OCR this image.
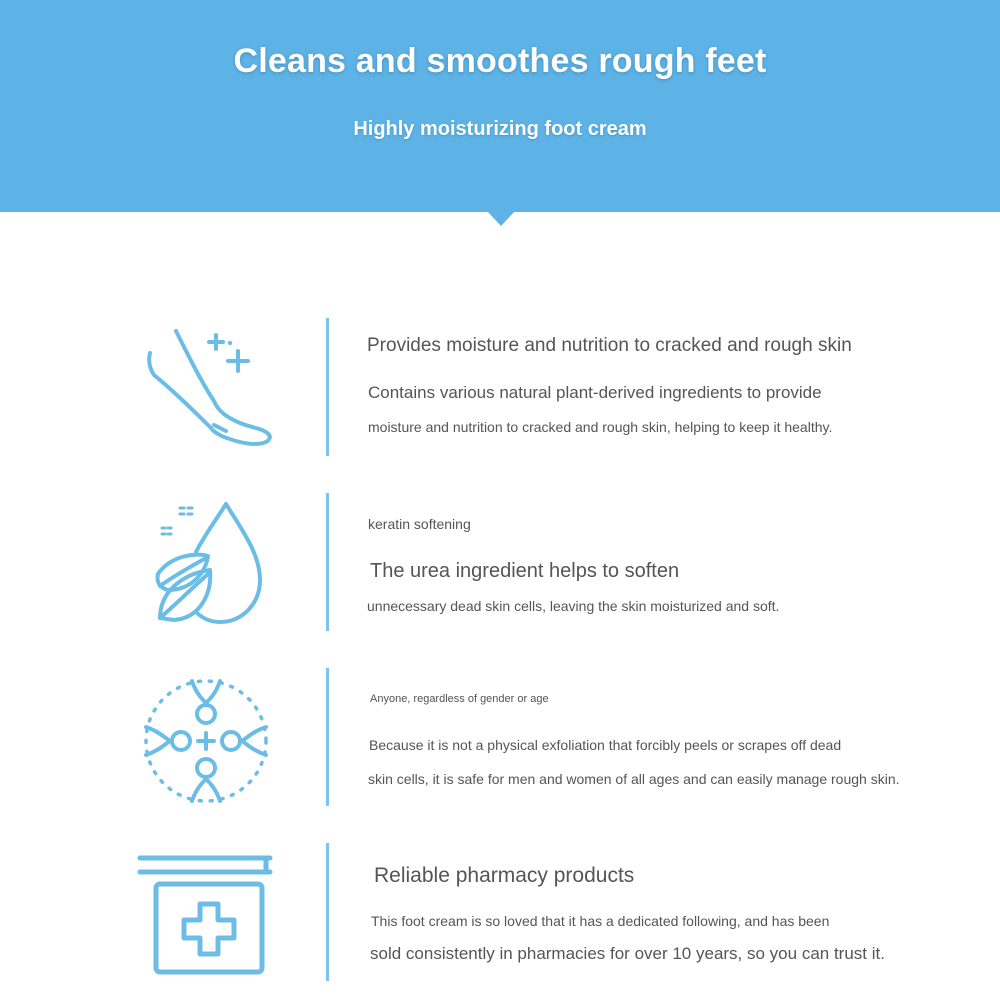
Cleans and smoothes rough feet
Highly moisturizing foot cream
Provides moisture and nutrition to cracked and rough skin
Contains various natural plant-derived ingredients to provide
moisture and nutrition to cracked and rough skin, helping to keep it healthy.
keratin softening
The urea ingredient helps to soften
unnecessary dead skin cells, leaving the skin moisturized and soft.
Anyone, regardless of gender or age
Because it is not a physical exfoliation that forcibly peels or scrapes off dead
skin cells, it is safe for men and women of all ages and can easily manage rough skin.
Reliable pharmacy products
This foot cream is so loved that it has a dedicated following, and has been
sold consistently in pharmacies for over 10 years, so you can trust it.
